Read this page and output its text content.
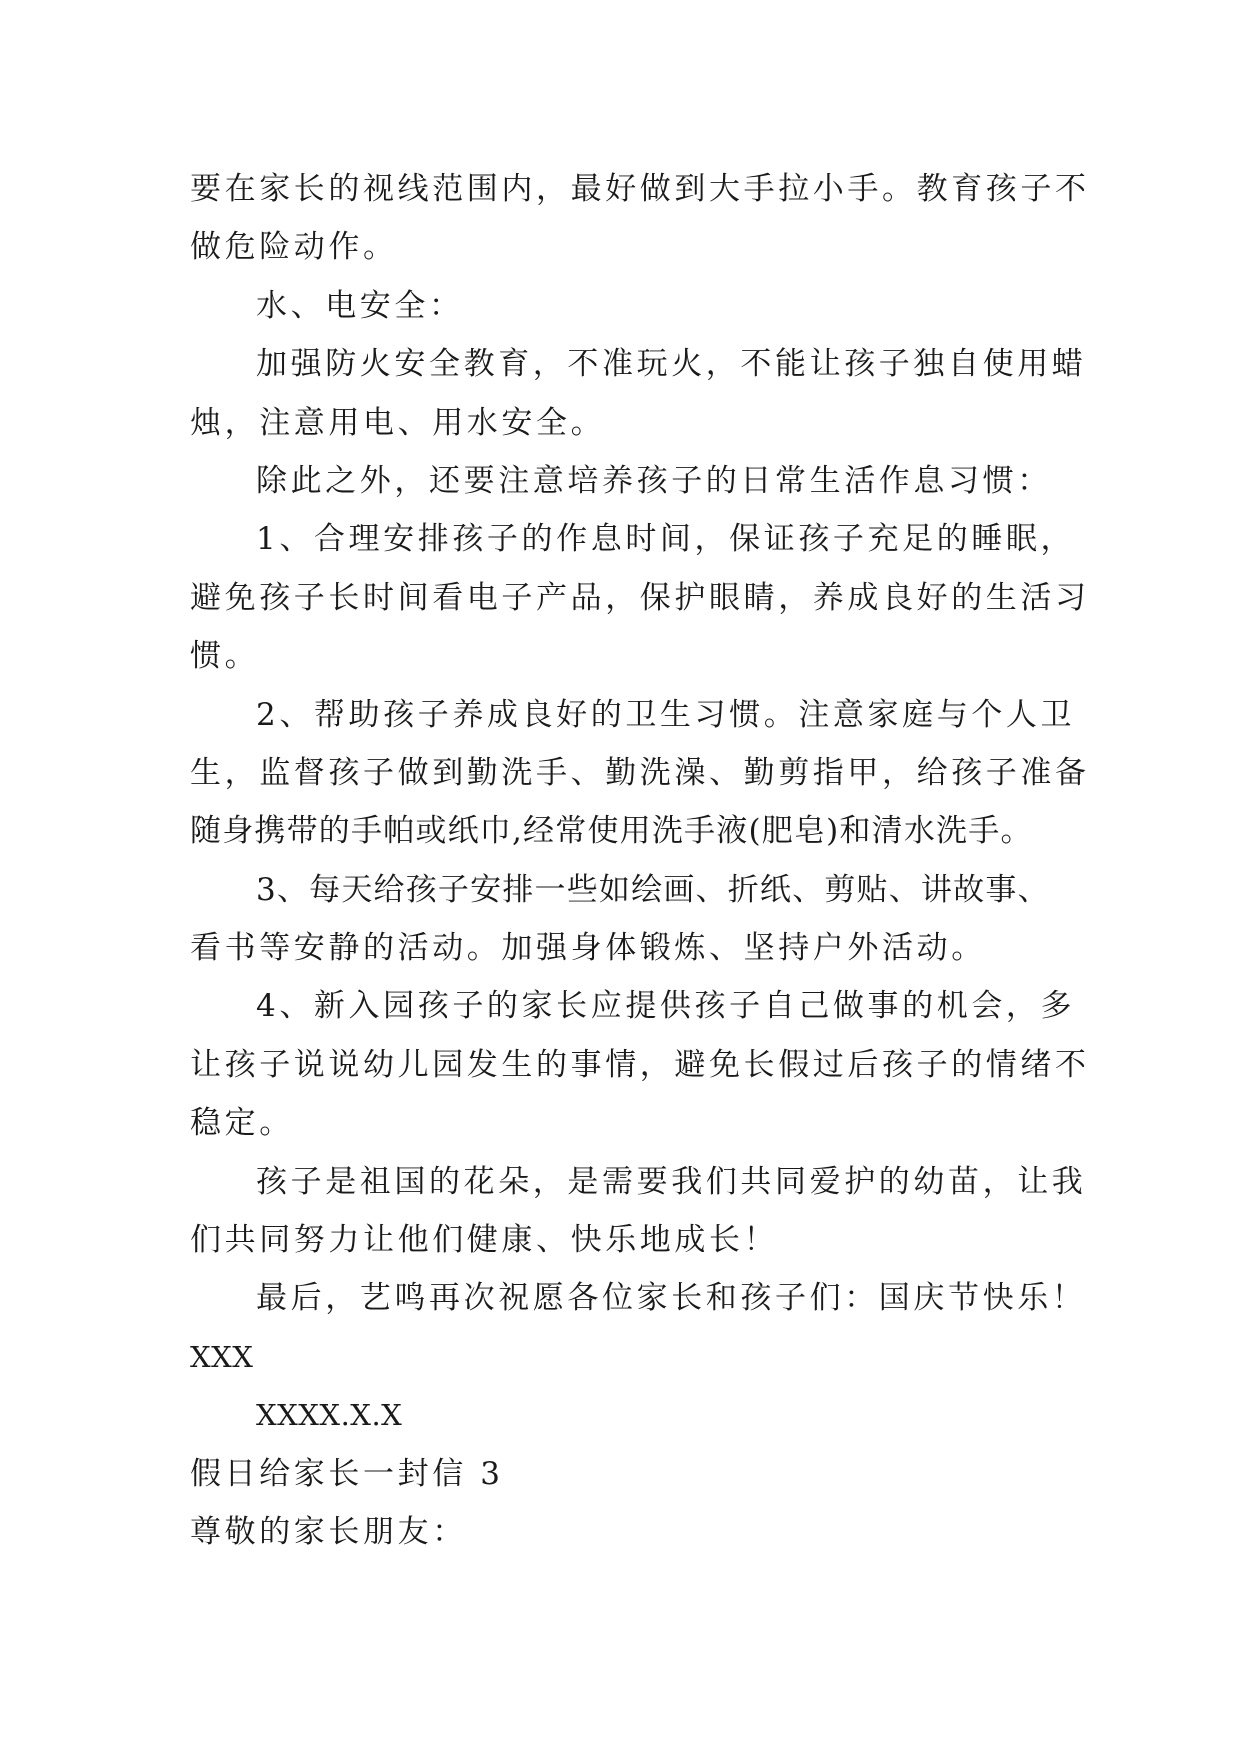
要在家长的视线范围内，最好做到大手拉小手。教育孩子不
做危险动作。
水、电安全：
加强防火安全教育，不准玩火，不能让孩子独自使用蜡
烛，注意用电、用水安全。
除此之外，还要注意培养孩子的日常生活作息习惯：
1、合理安排孩子的作息时间，保证孩子充足的睡眠，
避免孩子长时间看电子产品，保护眼睛，养成良好的生活习
惯。
2、帮助孩子养成良好的卫生习惯。注意家庭与个人卫
生，监督孩子做到勤洗手、勤洗澡、勤剪指甲，给孩子准备
随身携带的手帕或纸巾,经常使用洗手液(肥皂)和清水洗手。
3、每天给孩子安排一些如绘画、折纸、剪贴、讲故事、
看书等安静的活动。加强身体锻炼、坚持户外活动。
4、新入园孩子的家长应提供孩子自己做事的机会，多
让孩子说说幼儿园发生的事情，避免长假过后孩子的情绪不
稳定。
孩子是祖国的花朵，是需要我们共同爱护的幼苗，让我
们共同努力让他们健康、快乐地成长！
最后，艺鸣再次祝愿各位家长和孩子们：国庆节快乐！
XXX
XXXX.X.X
假日给家长一封信 3
尊敬的家长朋友：
